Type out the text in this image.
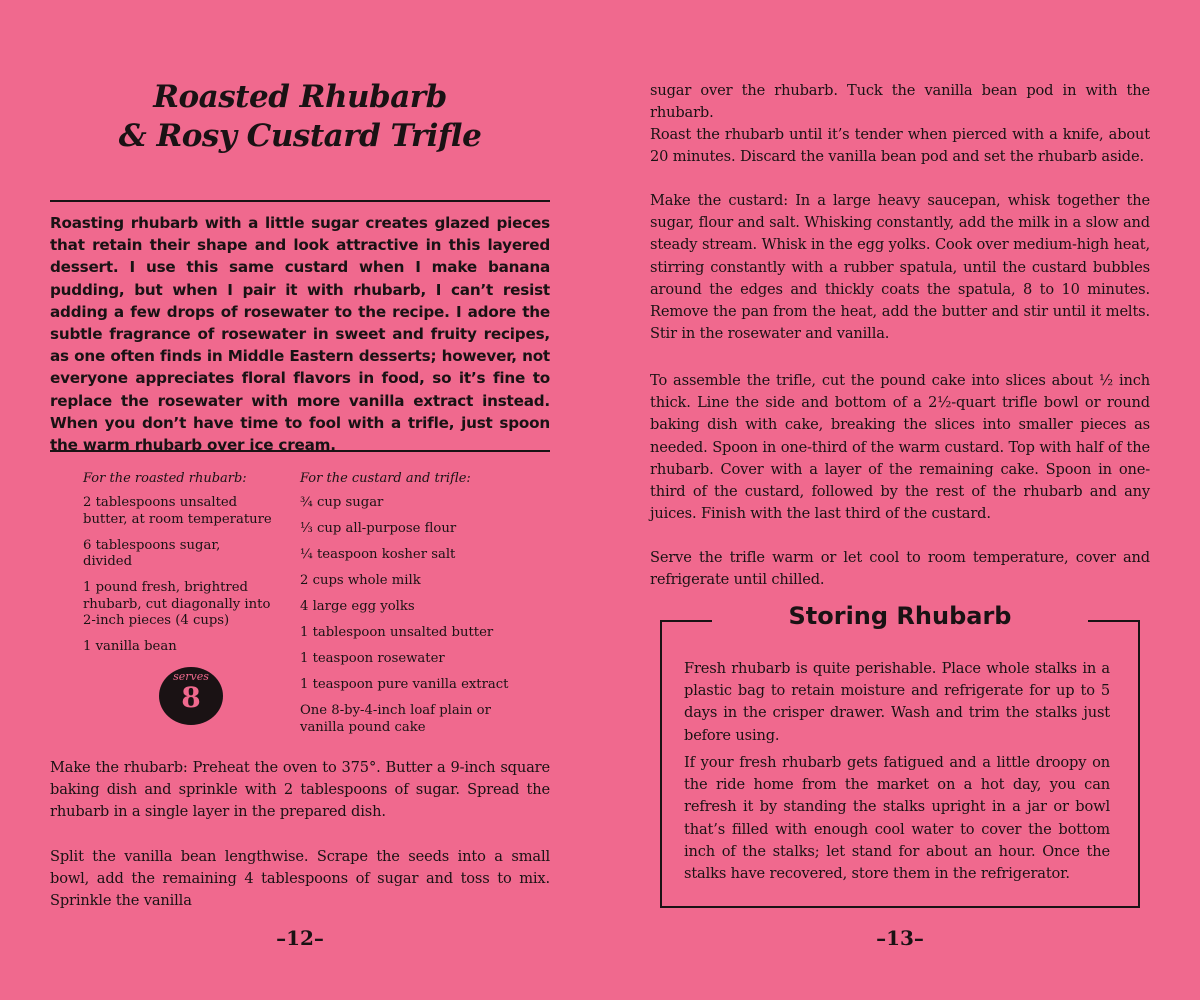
Roasted Rhubarb
& Rosy Custard Trifle

Roasting rhubarb with a little sugar creates glazed pieces that retain their shape and look attractive in this layered dessert. I use this same custard when I make banana pudding, but when I pair it with rhubarb, I can’t resist adding a few drops of rosewater to the recipe. I adore the subtle fragrance of rosewater in sweet and fruity recipes, as one often finds in Middle Eastern desserts; however, not everyone appreciates floral flavors in food, so it’s fine to replace the rosewater with more vanilla extract instead. When you don’t have time to fool with a trifle, just spoon the warm rhubarb over ice cream.

For the roasted rhubarb:
2 tablespoons unsalted butter, at room temperature
6 tablespoons sugar, divided
1 pound fresh, brightred rhubarb, cut diagonally into 2-inch pieces (4 cups)
1 vanilla bean
serves
8
For the custard and trifle:
¾ cup sugar
⅓ cup all-purpose flour
¼ teaspoon kosher salt
2 cups whole milk
4 large egg yolks
1 tablespoon unsalted butter
1 teaspoon rosewater
1 teaspoon pure vanilla extract
One 8-by-4-inch loaf plain or vanilla pound cake

Make the rhubarb: Preheat the oven to 375°. Butter a 9-inch square baking dish and sprinkle with 2 tablespoons of sugar. Spread the rhubarb in a single layer in the prepared dish.

Split the vanilla bean lengthwise. Scrape the seeds into a small bowl, add the remaining 4 tablespoons of sugar and toss to mix. Sprinkle the vanilla

–12–

sugar over the rhubarb. Tuck the vanilla bean pod in with the rhubarb.

Roast the rhubarb until it’s tender when pierced with a knife, about 20 minutes. Discard the vanilla bean pod and set the rhubarb aside.

Make the custard: In a large heavy saucepan, whisk together the sugar, flour and salt. Whisking constantly, add the milk in a slow and steady stream. Whisk in the egg yolks. Cook over medium-high heat, stirring constantly with a rubber spatula, until the custard bubbles around the edges and thickly coats the spatula, 8 to 10 minutes. Remove the pan from the heat, add the butter and stir until it melts. Stir in the rosewater and vanilla.

To assemble the trifle, cut the pound cake into slices about ½ inch thick. Line the side and bottom of a 2½-quart trifle bowl or round baking dish with cake, breaking the slices into smaller pieces as needed. Spoon in one-third of the warm custard. Top with half of the rhubarb. Cover with a layer of the remaining cake. Spoon in one-third of the custard, followed by the rest of the rhubarb and any juices. Finish with the last third of the custard.

Serve the trifle warm or let cool to room temperature, cover and refrigerate until chilled.

Storing Rhubarb

Fresh rhubarb is quite perishable. Place whole stalks in a plastic bag to retain moisture and refrigerate for up to 5 days in the crisper drawer. Wash and trim the stalks just before using.

If your fresh rhubarb gets fatigued and a little droopy on the ride home from the market on a hot day, you can refresh it by standing the stalks upright in a jar or bowl that’s filled with enough cool water to cover the bottom inch of the stalks; let stand for about an hour. Once the stalks have recovered, store them in the refrigerator.

–13–
